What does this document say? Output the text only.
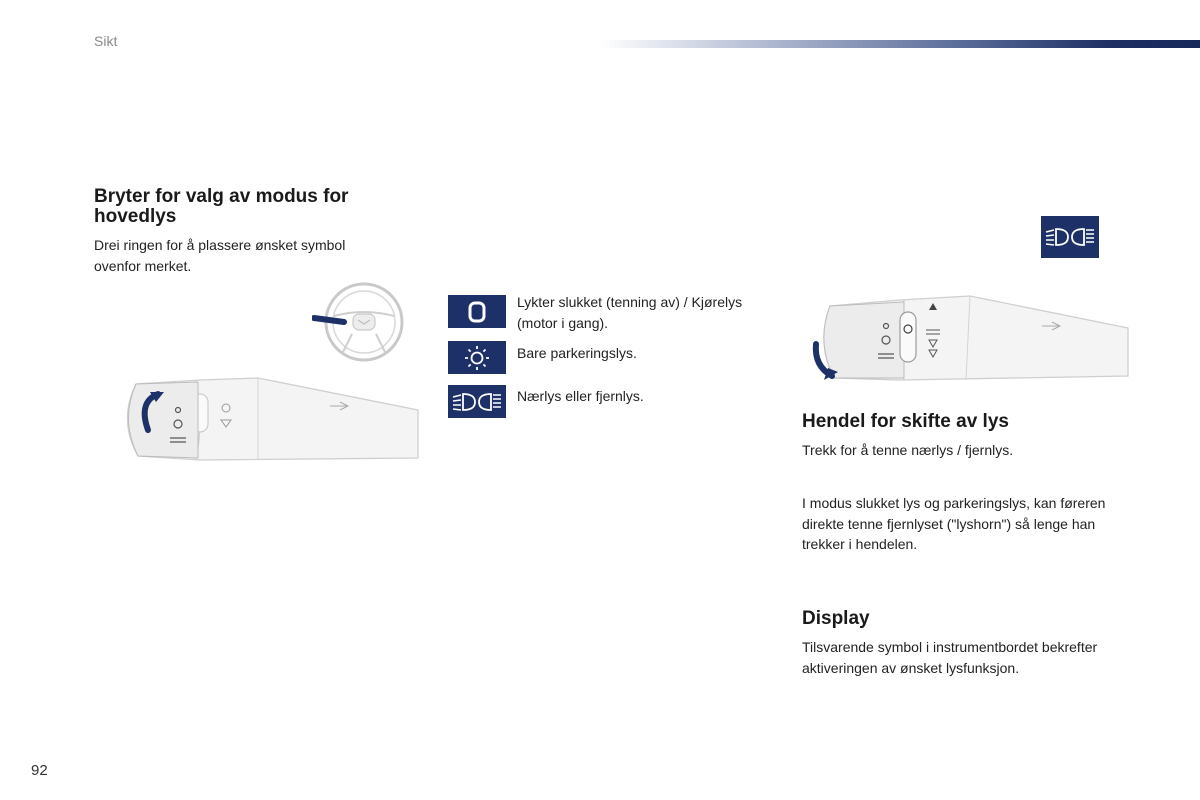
Sikt
Bryter for valg av modus for hovedlys
Drei ringen for å plassere ønsket symbol ovenfor merket.
Lykter slukket (tenning av) / Kjørelys (motor i gang).
Bare parkeringslys.
Nærlys eller fjernlys.
Hendel for skifte av lys
Trekk for å tenne nærlys / fjernlys.
I modus slukket lys og parkeringslys, kan føreren direkte tenne fjernlyset ("lyshorn") så lenge han trekker i hendelen.
Display
Tilsvarende symbol i instrumentbordet bekrefter aktiveringen av ønsket lysfunksjon.
92
